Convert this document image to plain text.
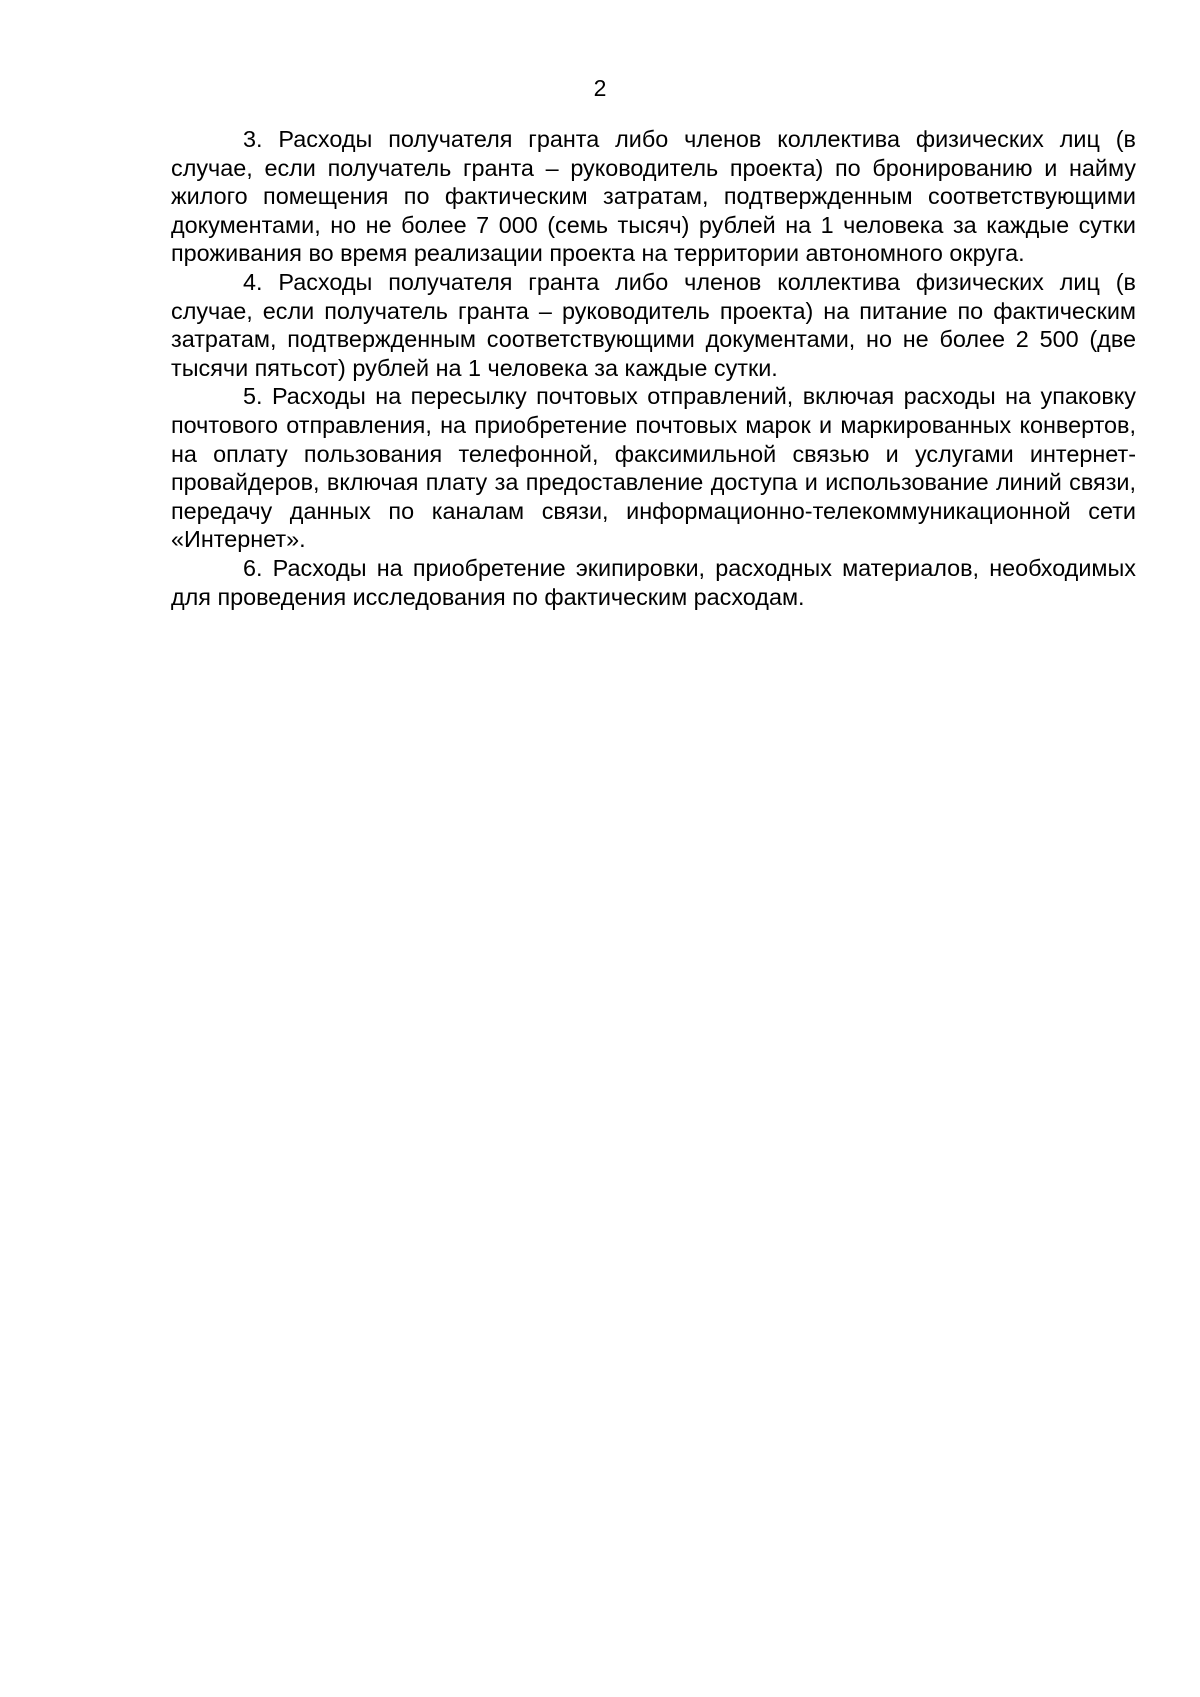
2

3. Расходы получателя гранта либо членов коллектива физических лиц (в случае, если получатель гранта – руководитель проекта) по бронированию и найму жилого помещения по фактическим затратам, подтвержденным соответствующими документами, но не более 7 000 (семь тысяч) рублей на 1 человека за каждые сутки проживания во время реализации проекта на территории автономного округа.

4. Расходы получателя гранта либо членов коллектива физических лиц (в случае, если получатель гранта – руководитель проекта) на питание по фактическим затратам, подтвержденным соответствующими документами, но не более 2 500 (две тысячи пятьсот) рублей на 1 человека за каждые сутки.

5. Расходы на пересылку почтовых отправлений, включая расходы на упаковку почтового отправления, на приобретение почтовых марок и маркированных конвертов, на оплату пользования телефонной, факсимильной связью и услугами интернет-провайдеров, включая плату за предоставление доступа и использование линий связи, передачу данных по каналам связи, информационно-телекоммуникационной сети «Интернет».

6. Расходы на приобретение экипировки, расходных материалов, необходимых для проведения исследования по фактическим расходам.
